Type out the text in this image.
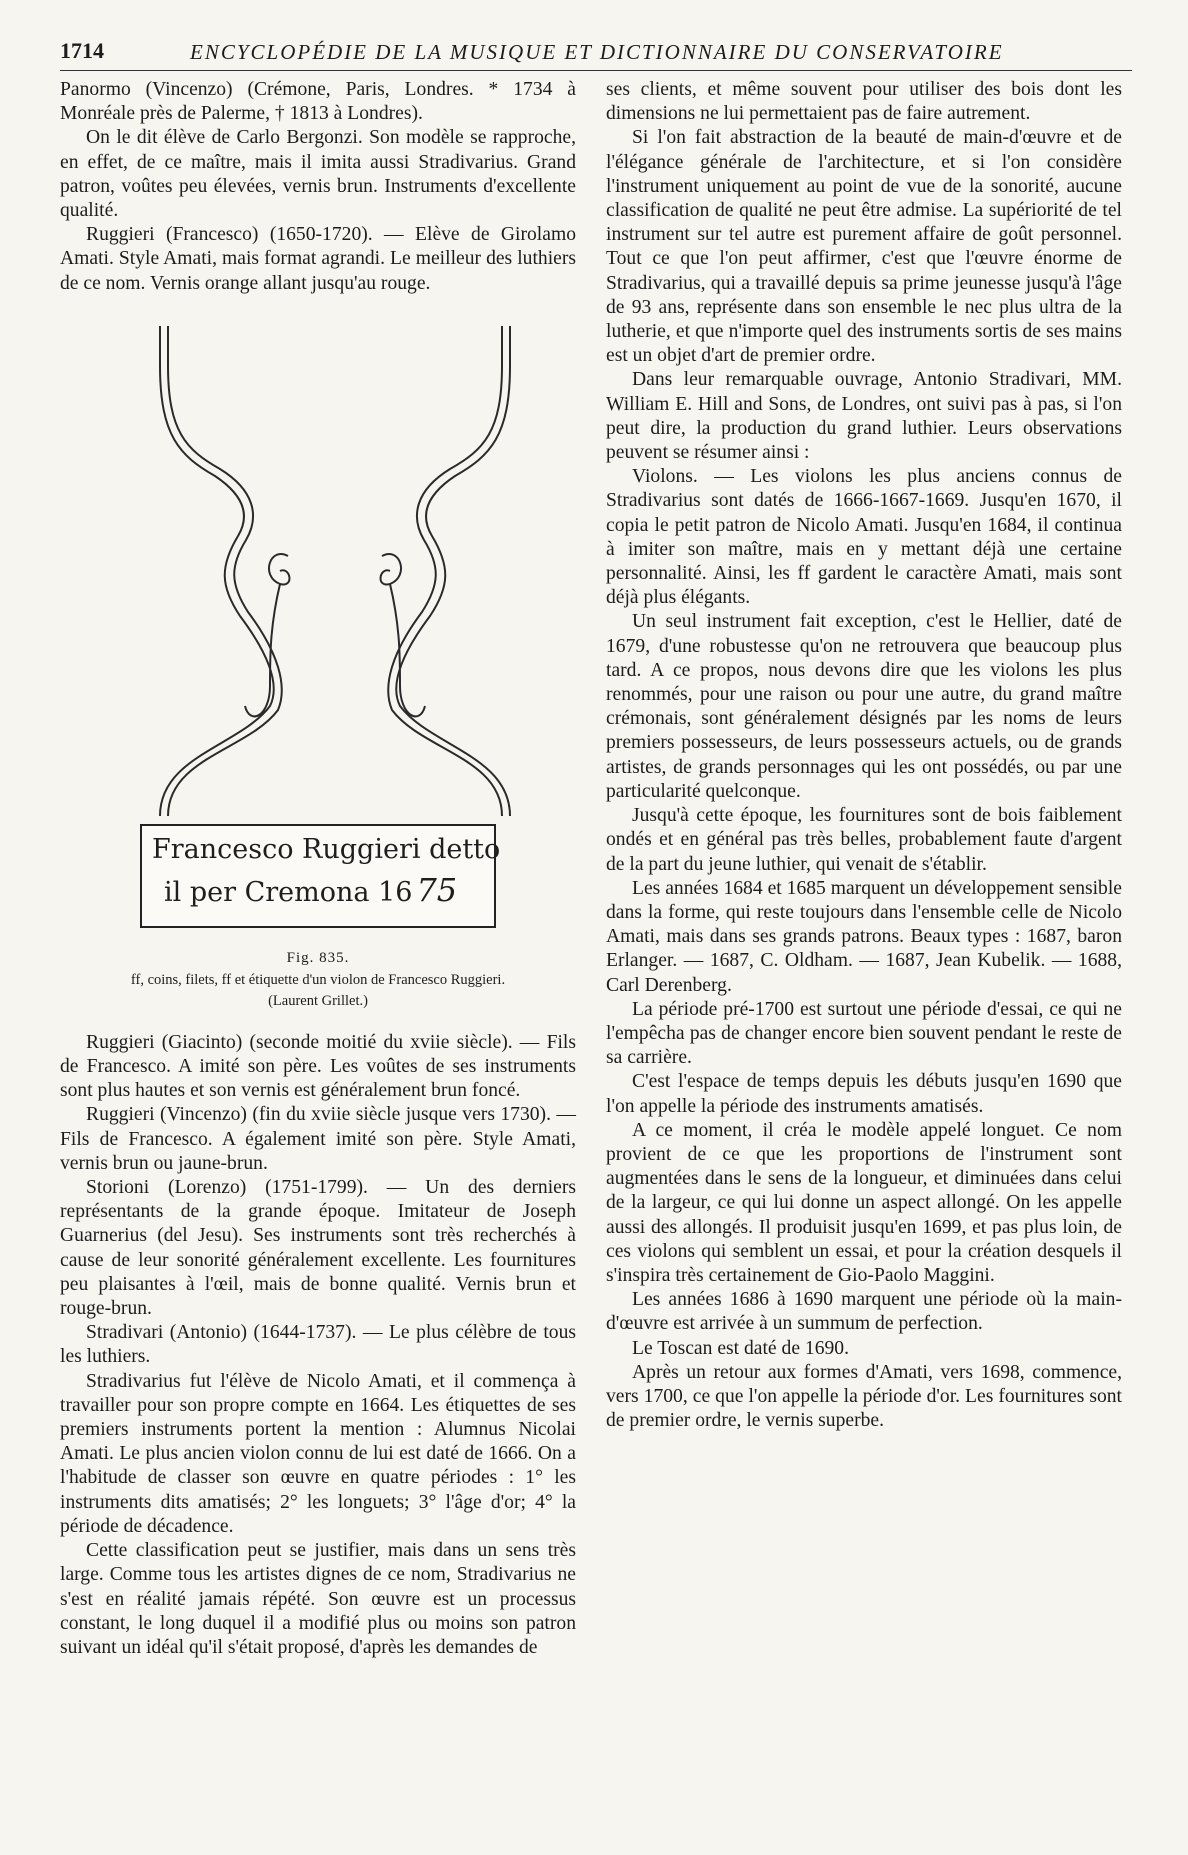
1714	ENCYCLOPÉDIE DE LA MUSIQUE ET DICTIONNAIRE DU CONSERVATOIRE

Panormo (Vincenzo) (Crémone, Paris, Londres. * 1734 à Monréale près de Palerme, † 1813 à Londres).

On le dit élève de Carlo Bergonzi. Son modèle se rapproche, en effet, de ce maître, mais il imita aussi Stradivarius. Grand patron, voûtes peu élevées, vernis brun. Instruments d'excellente qualité.

Ruggieri (Francesco) (1650-1720). — Elève de Girolamo Amati. Style Amati, mais format agrandi. Le meilleur des luthiers de ce nom. Vernis orange allant jusqu'au rouge.

Francesco Ruggieri detto
il per Cremona 16 75
Fig. 835.
ff, coins, filets, ff et étiquette d'un violon de Francesco Ruggieri.
(Laurent Grillet.)

Ruggieri (Giacinto) (seconde moitié du xviie siècle). — Fils de Francesco. A imité son père. Les voûtes de ses instruments sont plus hautes et son vernis est généralement brun foncé.

Ruggieri (Vincenzo) (fin du xviie siècle jusque vers 1730). — Fils de Francesco. A également imité son père. Style Amati, vernis brun ou jaune-brun.

Storioni (Lorenzo) (1751-1799). — Un des derniers représentants de la grande époque. Imitateur de Joseph Guarnerius (del Jesu). Ses instruments sont très recherchés à cause de leur sonorité généralement excellente. Les fournitures peu plaisantes à l'œil, mais de bonne qualité. Vernis brun et rouge-brun.

Stradivari (Antonio) (1644-1737). — Le plus célèbre de tous les luthiers.

Stradivarius fut l'élève de Nicolo Amati, et il commença à travailler pour son propre compte en 1664. Les étiquettes de ses premiers instruments portent la mention : Alumnus Nicolai Amati. Le plus ancien violon connu de lui est daté de 1666. On a l'habitude de classer son œuvre en quatre périodes : 1° les instruments dits amatisés; 2° les longuets; 3° l'âge d'or; 4° la période de décadence.

Cette classification peut se justifier, mais dans un sens très large. Comme tous les artistes dignes de ce nom, Stradivarius ne s'est en réalité jamais répété. Son œuvre est un processus constant, le long duquel il a modifié plus ou moins son patron suivant un idéal qu'il s'était proposé, d'après les demandes de

ses clients, et même souvent pour utiliser des bois dont les dimensions ne lui permettaient pas de faire autrement.

Si l'on fait abstraction de la beauté de main-d'œuvre et de l'élégance générale de l'architecture, et si l'on considère l'instrument uniquement au point de vue de la sonorité, aucune classification de qualité ne peut être admise. La supériorité de tel instrument sur tel autre est purement affaire de goût personnel. Tout ce que l'on peut affirmer, c'est que l'œuvre énorme de Stradivarius, qui a travaillé depuis sa prime jeunesse jusqu'à l'âge de 93 ans, représente dans son ensemble le nec plus ultra de la lutherie, et que n'importe quel des instruments sortis de ses mains est un objet d'art de premier ordre.

Dans leur remarquable ouvrage, Antonio Stradivari, MM. William E. Hill and Sons, de Londres, ont suivi pas à pas, si l'on peut dire, la production du grand luthier. Leurs observations peuvent se résumer ainsi :

Violons. — Les violons les plus anciens connus de Stradivarius sont datés de 1666-1667-1669. Jusqu'en 1670, il copia le petit patron de Nicolo Amati. Jusqu'en 1684, il continua à imiter son maître, mais en y mettant déjà une certaine personnalité. Ainsi, les ff gardent le caractère Amati, mais sont déjà plus élégants.

Un seul instrument fait exception, c'est le Hellier, daté de 1679, d'une robustesse qu'on ne retrouvera que beaucoup plus tard. A ce propos, nous devons dire que les violons les plus renommés, pour une raison ou pour une autre, du grand maître crémonais, sont généralement désignés par les noms de leurs premiers possesseurs, de leurs possesseurs actuels, ou de grands artistes, de grands personnages qui les ont possédés, ou par une particularité quelconque.

Jusqu'à cette époque, les fournitures sont de bois faiblement ondés et en général pas très belles, probablement faute d'argent de la part du jeune luthier, qui venait de s'établir.

Les années 1684 et 1685 marquent un développement sensible dans la forme, qui reste toujours dans l'ensemble celle de Nicolo Amati, mais dans ses grands patrons. Beaux types : 1687, baron Erlanger. — 1687, C. Oldham. — 1687, Jean Kubelik. — 1688, Carl Derenberg.

La période pré-1700 est surtout une période d'essai, ce qui ne l'empêcha pas de changer encore bien souvent pendant le reste de sa carrière.

C'est l'espace de temps depuis les débuts jusqu'en 1690 que l'on appelle la période des instruments amatisés.

A ce moment, il créa le modèle appelé longuet. Ce nom provient de ce que les proportions de l'instrument sont augmentées dans le sens de la longueur, et diminuées dans celui de la largeur, ce qui lui donne un aspect allongé. On les appelle aussi des allongés. Il produisit jusqu'en 1699, et pas plus loin, de ces violons qui semblent un essai, et pour la création desquels il s'inspira très certainement de Gio-Paolo Maggini.

Les années 1686 à 1690 marquent une période où la main-d'œuvre est arrivée à un summum de perfection.

Le Toscan est daté de 1690.

Après un retour aux formes d'Amati, vers 1698, commence, vers 1700, ce que l'on appelle la période d'or. Les fournitures sont de premier ordre, le vernis superbe.
